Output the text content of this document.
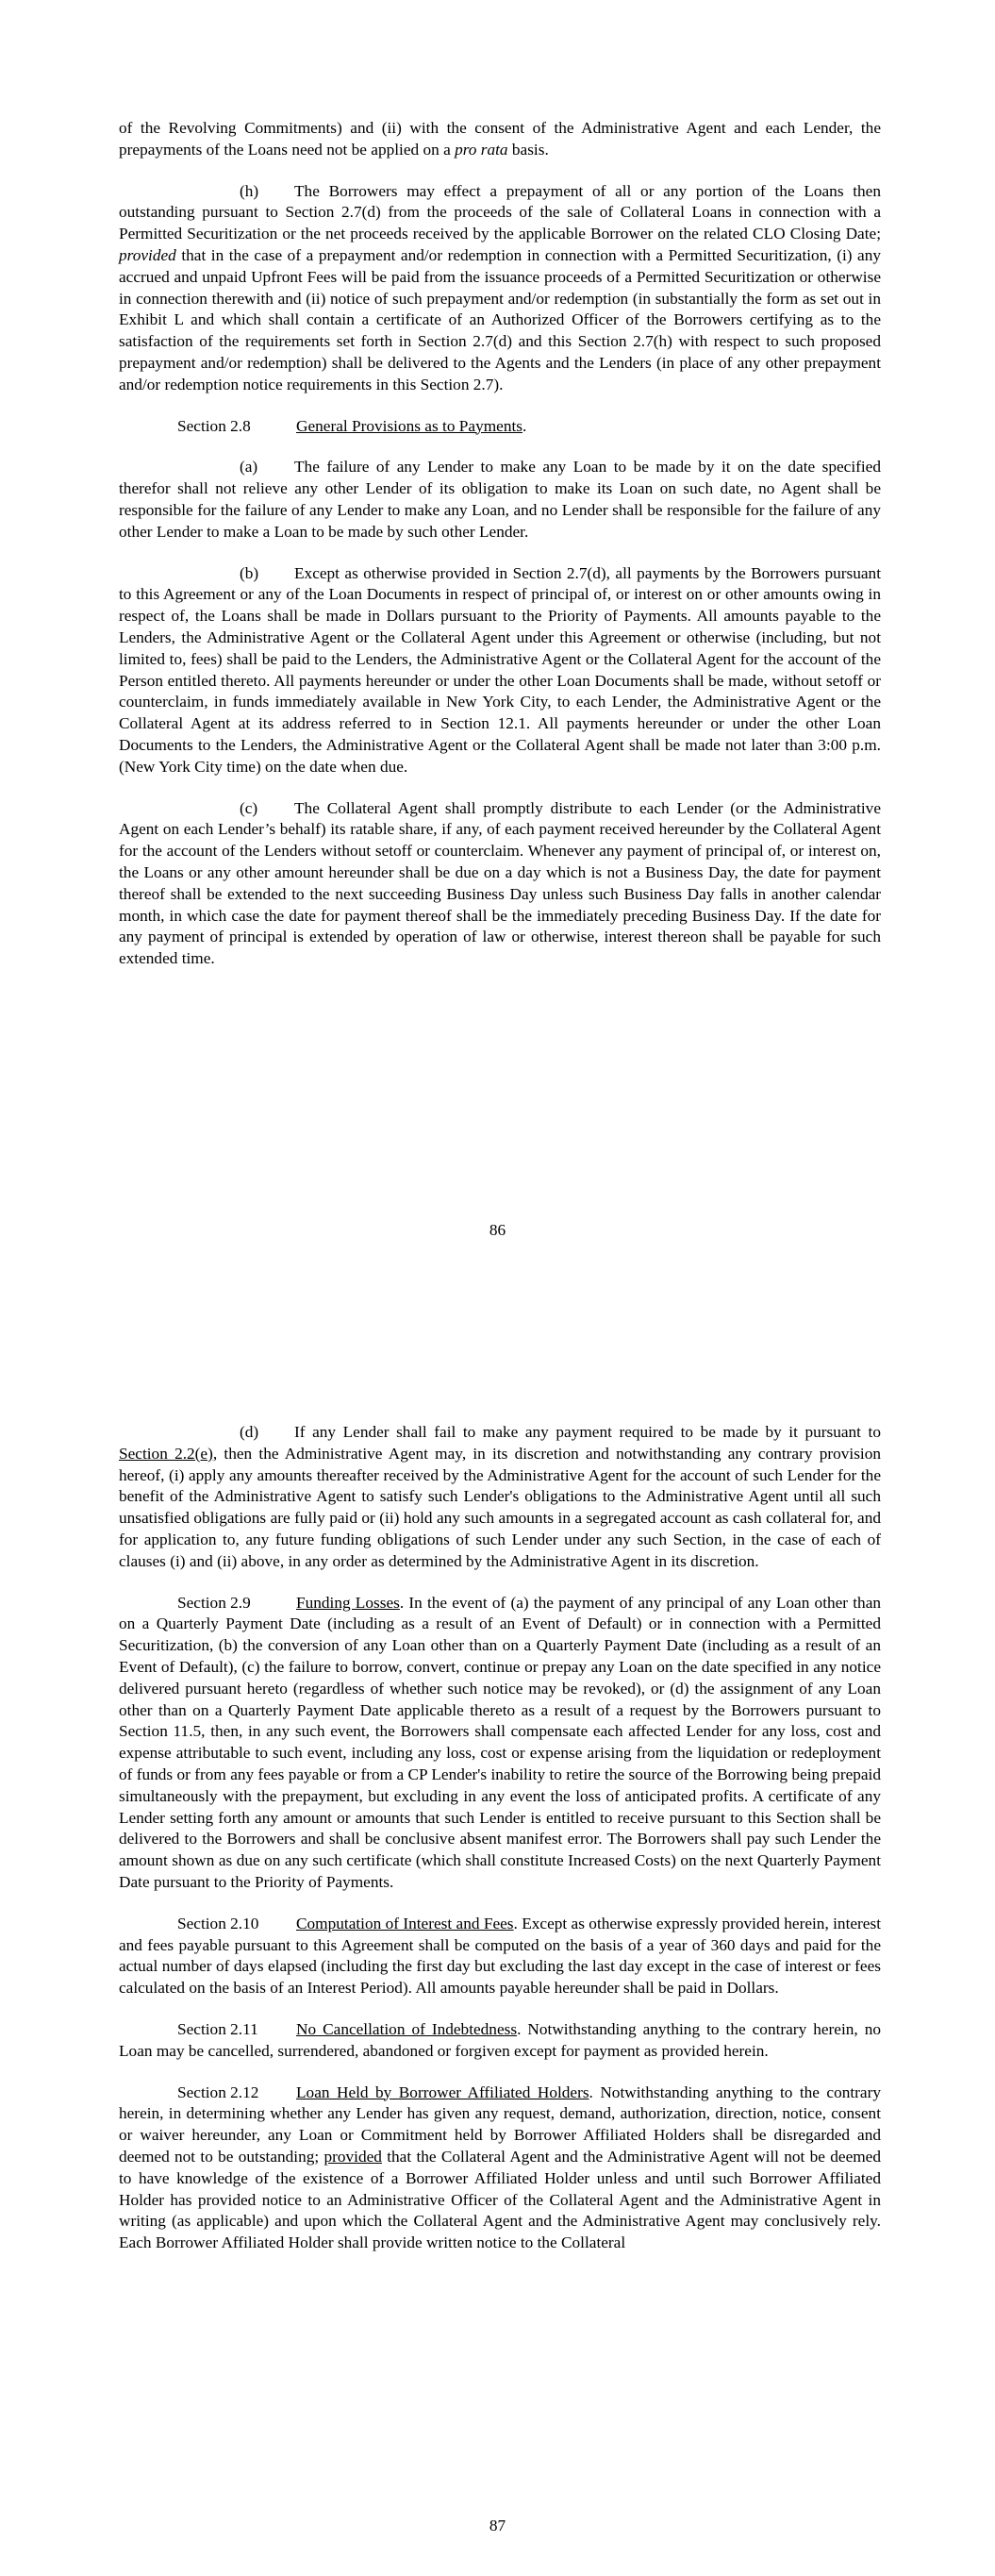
of the Revolving Commitments) and (ii) with the consent of the Administrative Agent and each Lender, the prepayments of the Loans need not be applied on a pro rata basis.

(h) The Borrowers may effect a prepayment of all or any portion of the Loans then outstanding pursuant to Section 2.7(d) from the proceeds of the sale of Collateral Loans in connection with a Permitted Securitization or the net proceeds received by the applicable Borrower on the related CLO Closing Date; provided that in the case of a prepayment and/or redemption in connection with a Permitted Securitization, (i) any accrued and unpaid Upfront Fees will be paid from the issuance proceeds of a Permitted Securitization or otherwise in connection therewith and (ii) notice of such prepayment and/or redemption (in substantially the form as set out in Exhibit L and which shall contain a certificate of an Authorized Officer of the Borrowers certifying as to the satisfaction of the requirements set forth in Section 2.7(d) and this Section 2.7(h) with respect to such proposed prepayment and/or redemption) shall be delivered to the Agents and the Lenders (in place of any other prepayment and/or redemption notice requirements in this Section 2.7).

Section 2.8	General Provisions as to Payments.

(a) The failure of any Lender to make any Loan to be made by it on the date specified therefor shall not relieve any other Lender of its obligation to make its Loan on such date, no Agent shall be responsible for the failure of any Lender to make any Loan, and no Lender shall be responsible for the failure of any other Lender to make a Loan to be made by such other Lender.

(b) Except as otherwise provided in Section 2.7(d), all payments by the Borrowers pursuant to this Agreement or any of the Loan Documents in respect of principal of, or interest on or other amounts owing in respect of, the Loans shall be made in Dollars pursuant to the Priority of Payments. All amounts payable to the Lenders, the Administrative Agent or the Collateral Agent under this Agreement or otherwise (including, but not limited to, fees) shall be paid to the Lenders, the Administrative Agent or the Collateral Agent for the account of the Person entitled thereto. All payments hereunder or under the other Loan Documents shall be made, without setoff or counterclaim, in funds immediately available in New York City, to each Lender, the Administrative Agent or the Collateral Agent at its address referred to in Section 12.1. All payments hereunder or under the other Loan Documents to the Lenders, the Administrative Agent or the Collateral Agent shall be made not later than 3:00 p.m. (New York City time) on the date when due.

(c) The Collateral Agent shall promptly distribute to each Lender (or the Administrative Agent on each Lender’s behalf) its ratable share, if any, of each payment received hereunder by the Collateral Agent for the account of the Lenders without setoff or counterclaim. Whenever any payment of principal of, or interest on, the Loans or any other amount hereunder shall be due on a day which is not a Business Day, the date for payment thereof shall be extended to the next succeeding Business Day unless such Business Day falls in another calendar month, in which case the date for payment thereof shall be the immediately preceding Business Day. If the date for any payment of principal is extended by operation of law or otherwise, interest thereon shall be payable for such extended time.

86

(d) If any Lender shall fail to make any payment required to be made by it pursuant to Section 2.2(e), then the Administrative Agent may, in its discretion and notwithstanding any contrary provision hereof, (i) apply any amounts thereafter received by the Administrative Agent for the account of such Lender for the benefit of the Administrative Agent to satisfy such Lender's obligations to the Administrative Agent until all such unsatisfied obligations are fully paid or (ii) hold any such amounts in a segregated account as cash collateral for, and for application to, any future funding obligations of such Lender under any such Section, in the case of each of clauses (i) and (ii) above, in any order as determined by the Administrative Agent in its discretion.

Section 2.9	Funding Losses. In the event of (a) the payment of any principal of any Loan other than on a Quarterly Payment Date (including as a result of an Event of Default) or in connection with a Permitted Securitization, (b) the conversion of any Loan other than on a Quarterly Payment Date (including as a result of an Event of Default), (c) the failure to borrow, convert, continue or prepay any Loan on the date specified in any notice delivered pursuant hereto (regardless of whether such notice may be revoked), or (d) the assignment of any Loan other than on a Quarterly Payment Date applicable thereto as a result of a request by the Borrowers pursuant to Section 11.5, then, in any such event, the Borrowers shall compensate each affected Lender for any loss, cost and expense attributable to such event, including any loss, cost or expense arising from the liquidation or redeployment of funds or from any fees payable or from a CP Lender's inability to retire the source of the Borrowing being prepaid simultaneously with the prepayment, but excluding in any event the loss of anticipated profits. A certificate of any Lender setting forth any amount or amounts that such Lender is entitled to receive pursuant to this Section shall be delivered to the Borrowers and shall be conclusive absent manifest error. The Borrowers shall pay such Lender the amount shown as due on any such certificate (which shall constitute Increased Costs) on the next Quarterly Payment Date pursuant to the Priority of Payments.

Section 2.10 Computation of Interest and Fees. Except as otherwise expressly provided herein, interest and fees payable pursuant to this Agreement shall be computed on the basis of a year of 360 days and paid for the actual number of days elapsed (including the first day but excluding the last day except in the case of interest or fees calculated on the basis of an Interest Period). All amounts payable hereunder shall be paid in Dollars.

Section 2.11 No Cancellation of Indebtedness. Notwithstanding anything to the contrary herein, no Loan may be cancelled, surrendered, abandoned or forgiven except for payment as provided herein.

Section 2.12 Loan Held by Borrower Affiliated Holders. Notwithstanding anything to the contrary herein, in determining whether any Lender has given any request, demand, authorization, direction, notice, consent or waiver hereunder, any Loan or Commitment held by Borrower Affiliated Holders shall be disregarded and deemed not to be outstanding; provided that the Collateral Agent and the Administrative Agent will not be deemed to have knowledge of the existence of a Borrower Affiliated Holder unless and until such Borrower Affiliated Holder has provided notice to an Administrative Officer of the Collateral Agent and the Administrative Agent in writing (as applicable) and upon which the Collateral Agent and the Administrative Agent may conclusively rely. Each Borrower Affiliated Holder shall provide written notice to the Collateral

87
